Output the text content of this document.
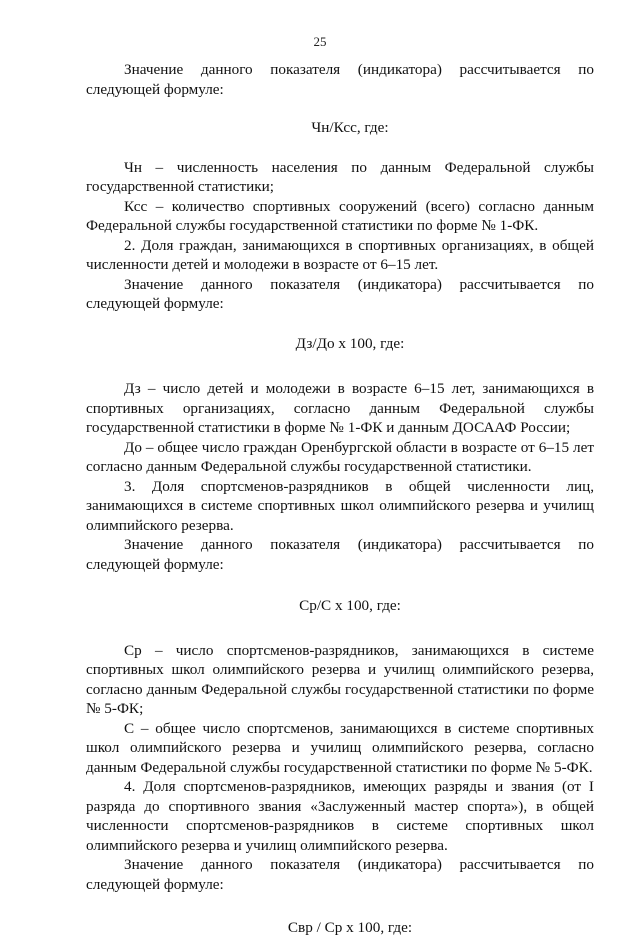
25

Значение данного показателя (индикатора) рассчитывается по следующей формуле:

Чн/Ксс, где:

Чн – численность населения по данным Федеральной службы государственной статистики;

Ксс – количество спортивных сооружений (всего) согласно данным Федеральной службы государственной статистики по форме № 1-ФК.

2. Доля граждан, занимающихся в спортивных организациях, в общей численности детей и молодежи в возрасте от 6–15 лет.

Значение данного показателя (индикатора) рассчитывается по следующей формуле:

Дз/До х 100, где:

Дз – число детей и молодежи в возрасте 6–15 лет, занимающихся в спортивных организациях, согласно данным Федеральной службы государственной статистики в форме № 1-ФК и данным ДОСААФ России;

До – общее число граждан Оренбургской области в возрасте от 6–15 лет согласно данным Федеральной службы государственной статистики.

3. Доля спортсменов-разрядников в общей численности лиц, занимающихся в системе спортивных школ олимпийского резерва и училищ олимпийского резерва.

Значение данного показателя (индикатора) рассчитывается по следующей формуле:

Ср/С х 100, где:

Ср – число спортсменов-разрядников, занимающихся в системе спортивных школ олимпийского резерва и училищ олимпийского резерва, согласно данным Федеральной службы государственной статистики по форме № 5-ФК;

С – общее число спортсменов, занимающихся в системе спортивных школ олимпийского резерва и училищ олимпийского резерва, согласно данным Федеральной службы государственной статистики по форме № 5-ФК.

4. Доля спортсменов-разрядников, имеющих разряды и звания (от I разряда до спортивного звания «Заслуженный мастер спорта»), в общей численности спортсменов-разрядников в системе спортивных школ олимпийского резерва и училищ олимпийского резерва.

Значение данного показателя (индикатора) рассчитывается по следующей формуле:

Свр / Ср х 100, где:
